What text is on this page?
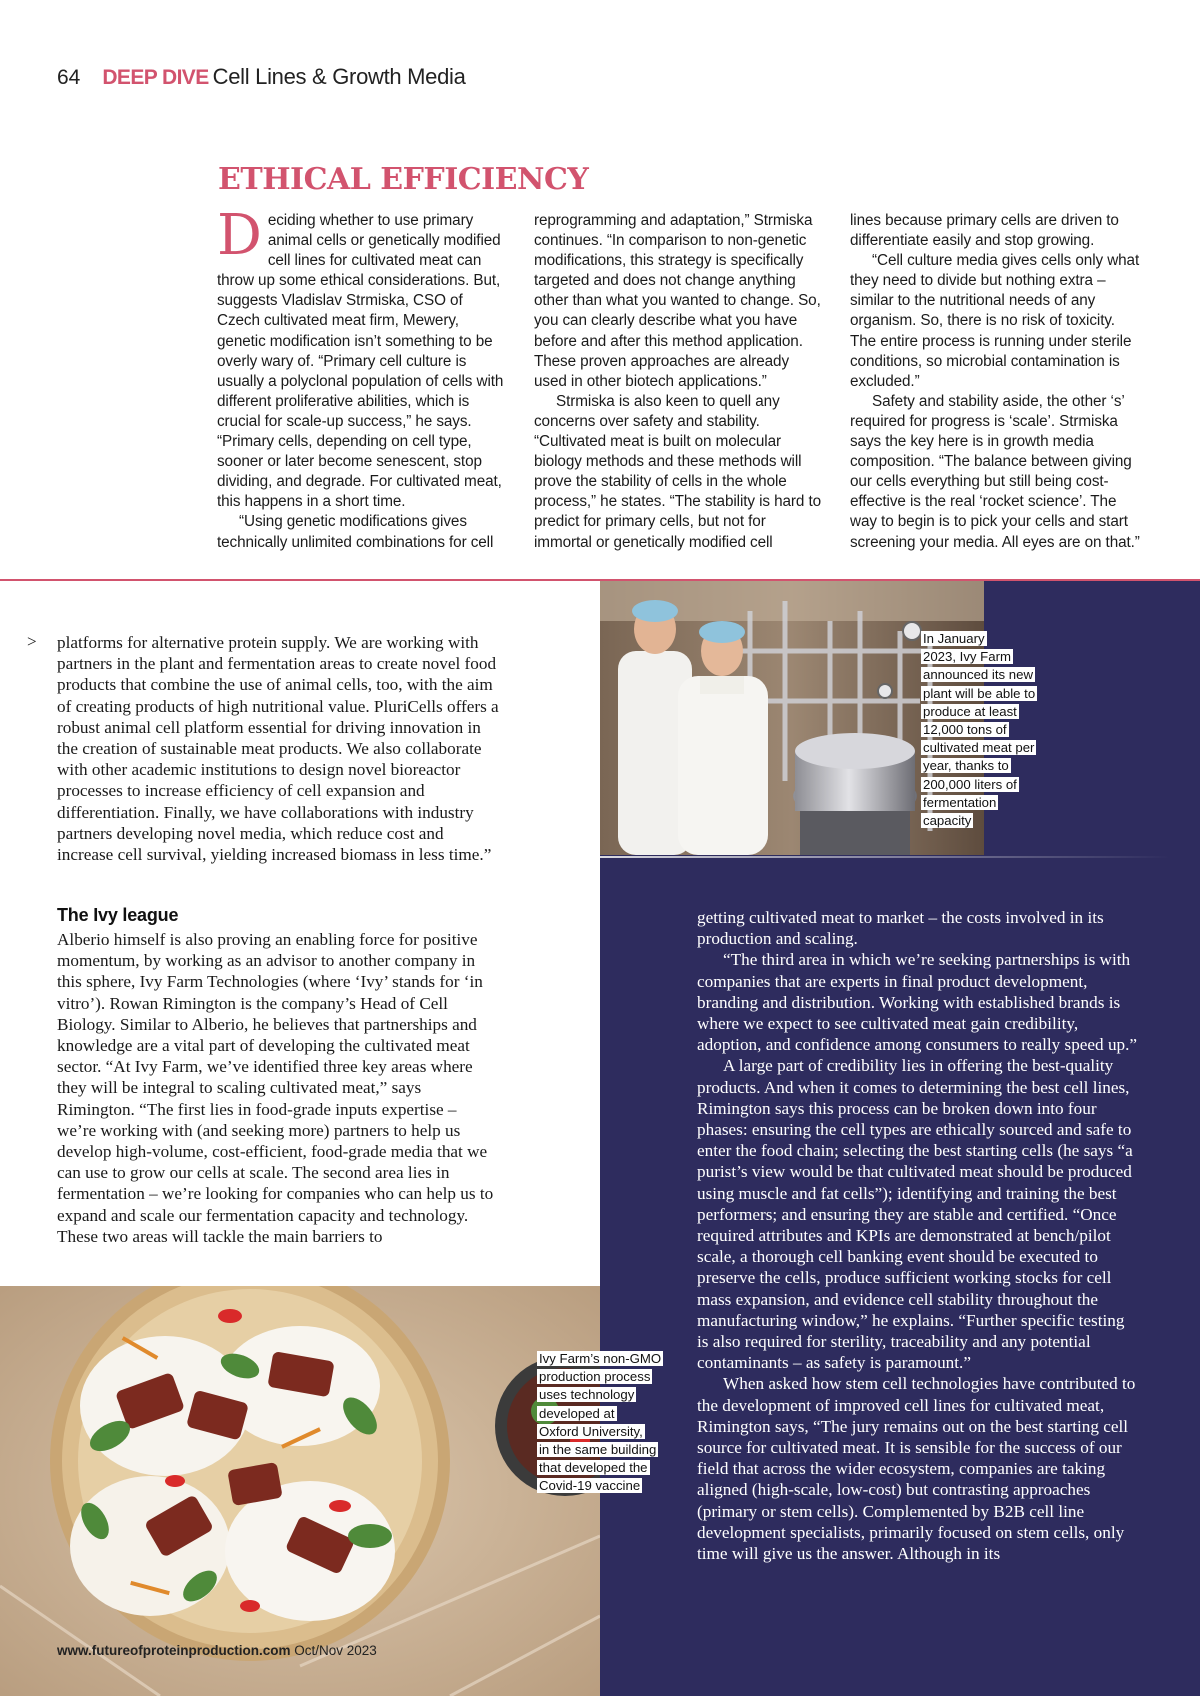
64 DEEP DIVE Cell Lines & Growth Media
ETHICAL EFFICIENCY

Deciding whether to use primary animal cells or genetically modified cell lines for cultivated meat can throw up some ethical considerations. But, suggests Vladislav Strmiska, CSO of Czech cultivated meat firm, Mewery, genetic modification isn’t something to be overly wary of. “Primary cell culture is usually a polyclonal population of cells with different proliferative abilities, which is crucial for scale-up success,” he says. “Primary cells, depending on cell type, sooner or later become senescent, stop dividing, and degrade. For cultivated meat, this happens in a short time.

“Using genetic modifications gives technically unlimited combinations for cell

reprogramming and adaptation,” Strmiska continues. “In comparison to non-genetic modifications, this strategy is specifically targeted and does not change anything other than what you wanted to change. So, you can clearly describe what you have before and after this method application. These proven approaches are already used in other biotech applications.”

Strmiska is also keen to quell any concerns over safety and stability. “Cultivated meat is built on molecular biology methods and these methods will prove the stability of cells in the whole process,” he states. “The stability is hard to predict for primary cells, but not for immortal or genetically modified cell

lines because primary cells are driven to differentiate easily and stop growing.

“Cell culture media gives cells only what they need to divide but nothing extra – similar to the nutritional needs of any organism. So, there is no risk of toxicity. The entire process is running under sterile conditions, so microbial contamination is excluded.”

Safety and stability aside, the other ‘s’ required for progress is ‘scale’. Strmiska says the key here is in growth media composition. “The balance between giving our cells everything but still being cost-effective is the real ‘rocket science’. The way to begin is to pick your cells and start screening your media. All eyes are on that.”

In January
2023, Ivy Farm
announced its new
plant will be able to
produce at least
12,000 tons of
cultivated meat per
year, thanks to
200,000 liters of
fermentation
capacity
> platforms for alternative protein supply. We are working with partners in the plant and fermentation areas to create novel food products that combine the use of animal cells, too, with the aim of creating products of high nutritional value. PluriCells offers a robust animal cell platform essential for driving innovation in the creation of sustainable meat products. We also collaborate with other academic institutions to design novel bioreactor processes to increase efficiency of cell expansion and differentiation. Finally, we have collaborations with industry partners developing novel media, which reduce cost and increase cell survival, yielding increased biomass in less time.”

The Ivy league

Alberio himself is also proving an enabling force for positive momentum, by working as an advisor to another company in this sphere, Ivy Farm Technologies (where ‘Ivy’ stands for ‘in vitro’). Rowan Rimington is the company’s Head of Cell Biology. Similar to Alberio, he believes that partnerships and knowledge are a vital part of developing the cultivated meat sector. “At Ivy Farm, we’ve identified three key areas where they will be integral to scaling cultivated meat,” says Rimington. “The first lies in food-grade inputs expertise – we’re working with (and seeking more) partners to help us develop high-volume, cost-efficient, food-grade media that we can use to grow our cells at scale. The second area lies in fermentation – we’re looking for companies who can help us to expand and scale our fermentation capacity and technology. These two areas will tackle the main barriers to

getting cultivated meat to market – the costs involved in its production and scaling.

“The third area in which we’re seeking partnerships is with companies that are experts in final product development, branding and distribution. Working with established brands is where we expect to see cultivated meat gain credibility, adoption, and confidence among consumers to really speed up.”

A large part of credibility lies in offering the best-quality products. And when it comes to determining the best cell lines, Rimington says this process can be broken down into four phases: ensuring the cell types are ethically sourced and safe to enter the food chain; selecting the best starting cells (he says “a purist’s view would be that cultivated meat should be produced using muscle and fat cells”); identifying and training the best performers; and ensuring they are stable and certified. “Once required attributes and KPIs are demonstrated at bench/pilot scale, a thorough cell banking event should be executed to preserve the cells, produce sufficient working stocks for cell mass expansion, and evidence cell stability throughout the manufacturing window,” he explains. “Further specific testing is also required for sterility, traceability and any potential contaminants – as safety is paramount.”

When asked how stem cell technologies have contributed to the development of improved cell lines for cultivated meat, Rimington says, “The jury remains out on the best starting cell source for cultivated meat. It is sensible for the success of our field that across the wider ecosystem, companies are taking aligned (high-scale, low-cost) but contrasting approaches (primary or stem cells). Complemented by B2B cell line development specialists, primarily focused on stem cells, only time will give us the answer. Although in its

Ivy Farm’s non-GMO
production process
uses technology
developed at
Oxford University,
in the same building
that developed the
Covid-19 vaccine
www.futureofproteinproduction.com Oct/Nov 2023
